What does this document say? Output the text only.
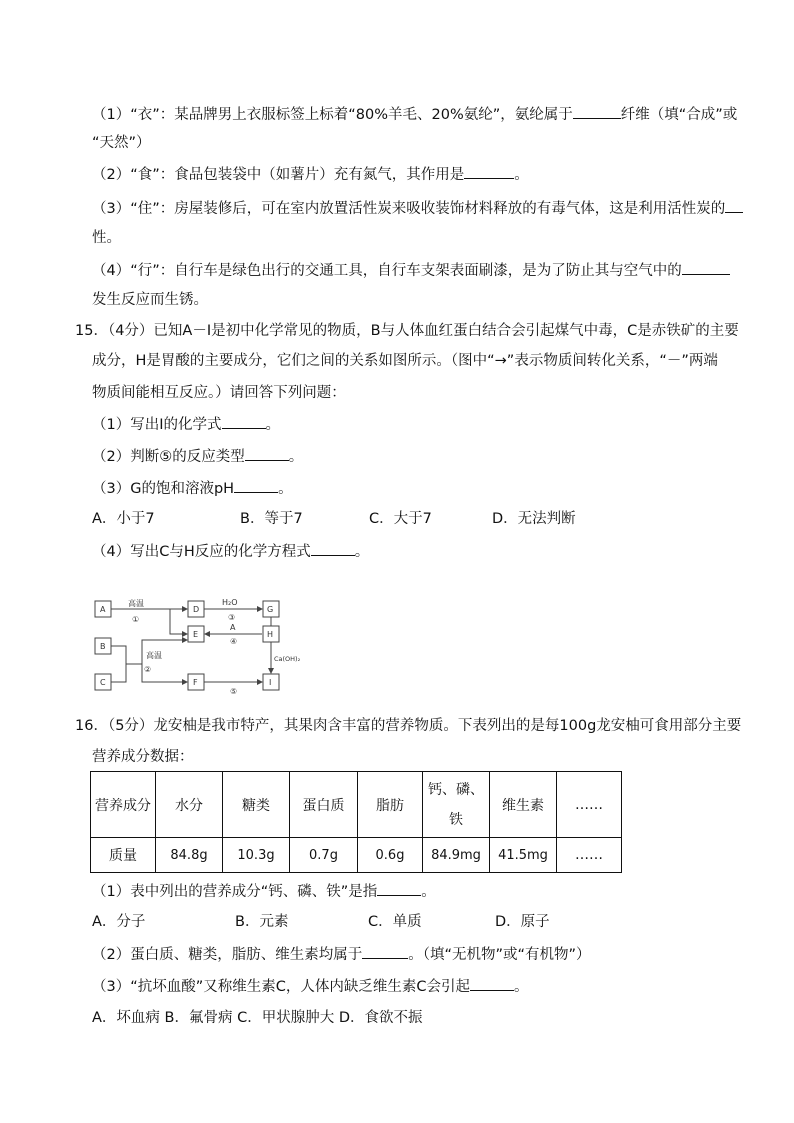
（1）“衣”：某品牌男上衣服标签上标着“80%羊毛、20%氨纶”，氨纶属于	纤维（填“合成”或
“天然”）
（2）“食”：食品包装袋中（如薯片）充有氮气，其作用是	。
（3）“住”：房屋装修后，可在室内放置活性炭来吸收装饰材料释放的有毒气体，这是利用活性炭的
性。
（4）“行”：自行车是绿色出行的交通工具，自行车支架表面刷漆，是为了防止其与空气中的
发生反应而生锈。
15．（4分）已知A－I是初中化学常见的物质，B与人体血红蛋白结合会引起煤气中毒，C是赤铁矿的主要
成分，H是胃酸的主要成分，它们之间的关系如图所示。（图中“→”表示物质间转化关系，“－”两端
物质间能相互反应。）请回答下列问题：
（1）写出I的化学式	。
（2）判断⑤的反应类型	。
（3）G的饱和溶液pH	。
A．小于7	B．等于7	C．大于7	D．无法判断
（4）写出C与H反应的化学方程式	。
A
B
C
D
E
F
G
H
I
高温
①
高温
②
H₂O
③
A
④
Ca(OH)₂
⑤
16．（5分）龙安柚是我市特产，其果肉含丰富的营养物质。下表列出的是每100g龙安柚可食用部分主要
营养成分数据：
营养成分	水分	糖类	蛋白质	脂肪	钙、磷、
铁	维生素	……
质量	84.8g	10.3g	0.7g	0.6g	84.9mg	41.5mg	……
（1）表中列出的营养成分“钙、磷、铁”是指	。
A．分子	B．元素	C．单质	D．原子
（2）蛋白质、糖类，脂肪、维生素均属于	。（填“无机物”或“有机物”）
（3）“抗坏血酸”又称维生素C，人体内缺乏维生素C会引起	。
A．坏血病 B．氟骨病 C．甲状腺肿大 D．食欲不振
